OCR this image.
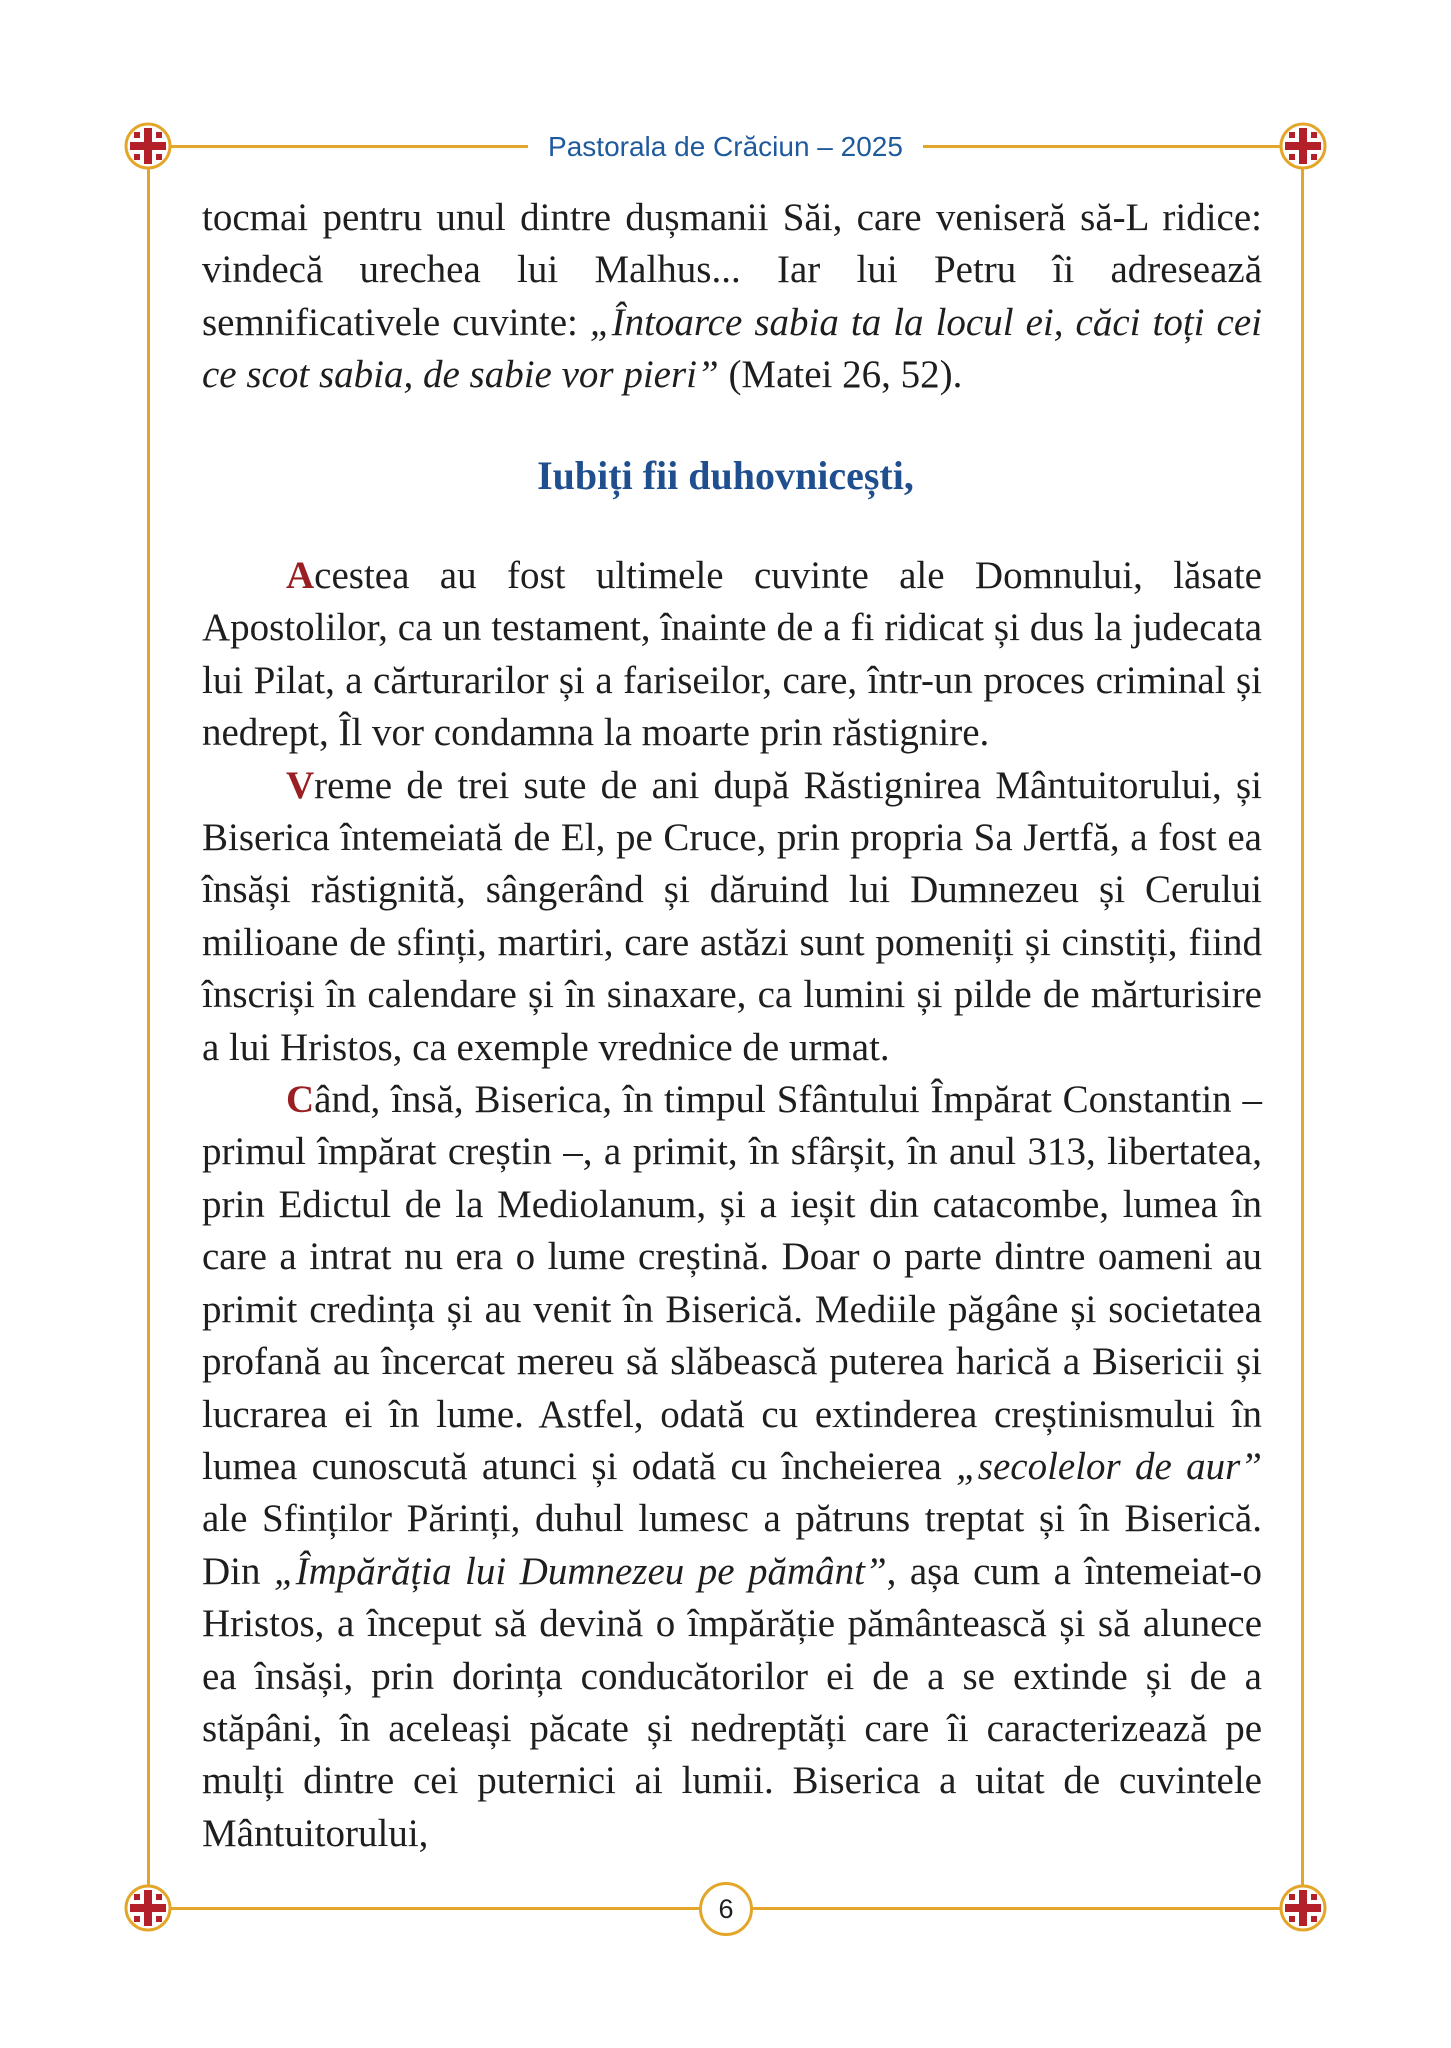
Pastorala de Crăciun – 2025

tocmai pentru unul dintre dușmanii Săi, care veniseră să-L ridice: vindecă urechea lui Malhus... Iar lui Petru îi adresează semnificativele cuvinte: „Întoarce sabia ta la locul ei, căci toți cei ce scot sabia, de sabie vor pieri” (Matei 26, 52).

Iubiți fii duhovnicești,

Acestea au fost ultimele cuvinte ale Domnului, lăsate Apostolilor, ca un testament, înainte de a fi ridicat și dus la judecata lui Pilat, a cărturarilor și a fariseilor, care, într-un proces criminal și nedrept, Îl vor condamna la moarte prin răstignire.

Vreme de trei sute de ani după Răstignirea Mântuitorului, și Biserica întemeiată de El, pe Cruce, prin propria Sa Jertfă, a fost ea însăși răstignită, sângerând și dăruind lui Dumnezeu și Cerului milioane de sfinți, martiri, care astăzi sunt pomeniți și cinstiți, fiind înscriși în calendare și în sinaxare, ca lumini și pilde de mărturisire a lui Hristos, ca exemple vrednice de urmat.

Când, însă, Biserica, în timpul Sfântului Împărat Constantin – primul împărat creștin –, a primit, în sfârșit, în anul 313, libertatea, prin Edictul de la Mediolanum, și a ieșit din catacombe, lumea în care a intrat nu era o lume creștină. Doar o parte dintre oameni au primit credința și au venit în Biserică. Mediile păgâne și societatea profană au încercat mereu să slăbească puterea harică a Bisericii și lucrarea ei în lume. Astfel, odată cu extinderea creștinismului în lumea cunoscută atunci și odată cu încheierea „secolelor de aur” ale Sfinților Părinți, duhul lumesc a pătruns treptat și în Biserică. Din „Împărăția lui Dumnezeu pe pământ”, așa cum a întemeiat-o Hristos, a început să devină o împărăție pământească și să alunece ea însăși, prin dorința conducătorilor ei de a se extinde și de a stăpâni, în aceleași păcate și nedreptăți care îi caracterizează pe mulți dintre cei puternici ai lumii. Biserica a uitat de cuvintele Mântuitorului,

6
